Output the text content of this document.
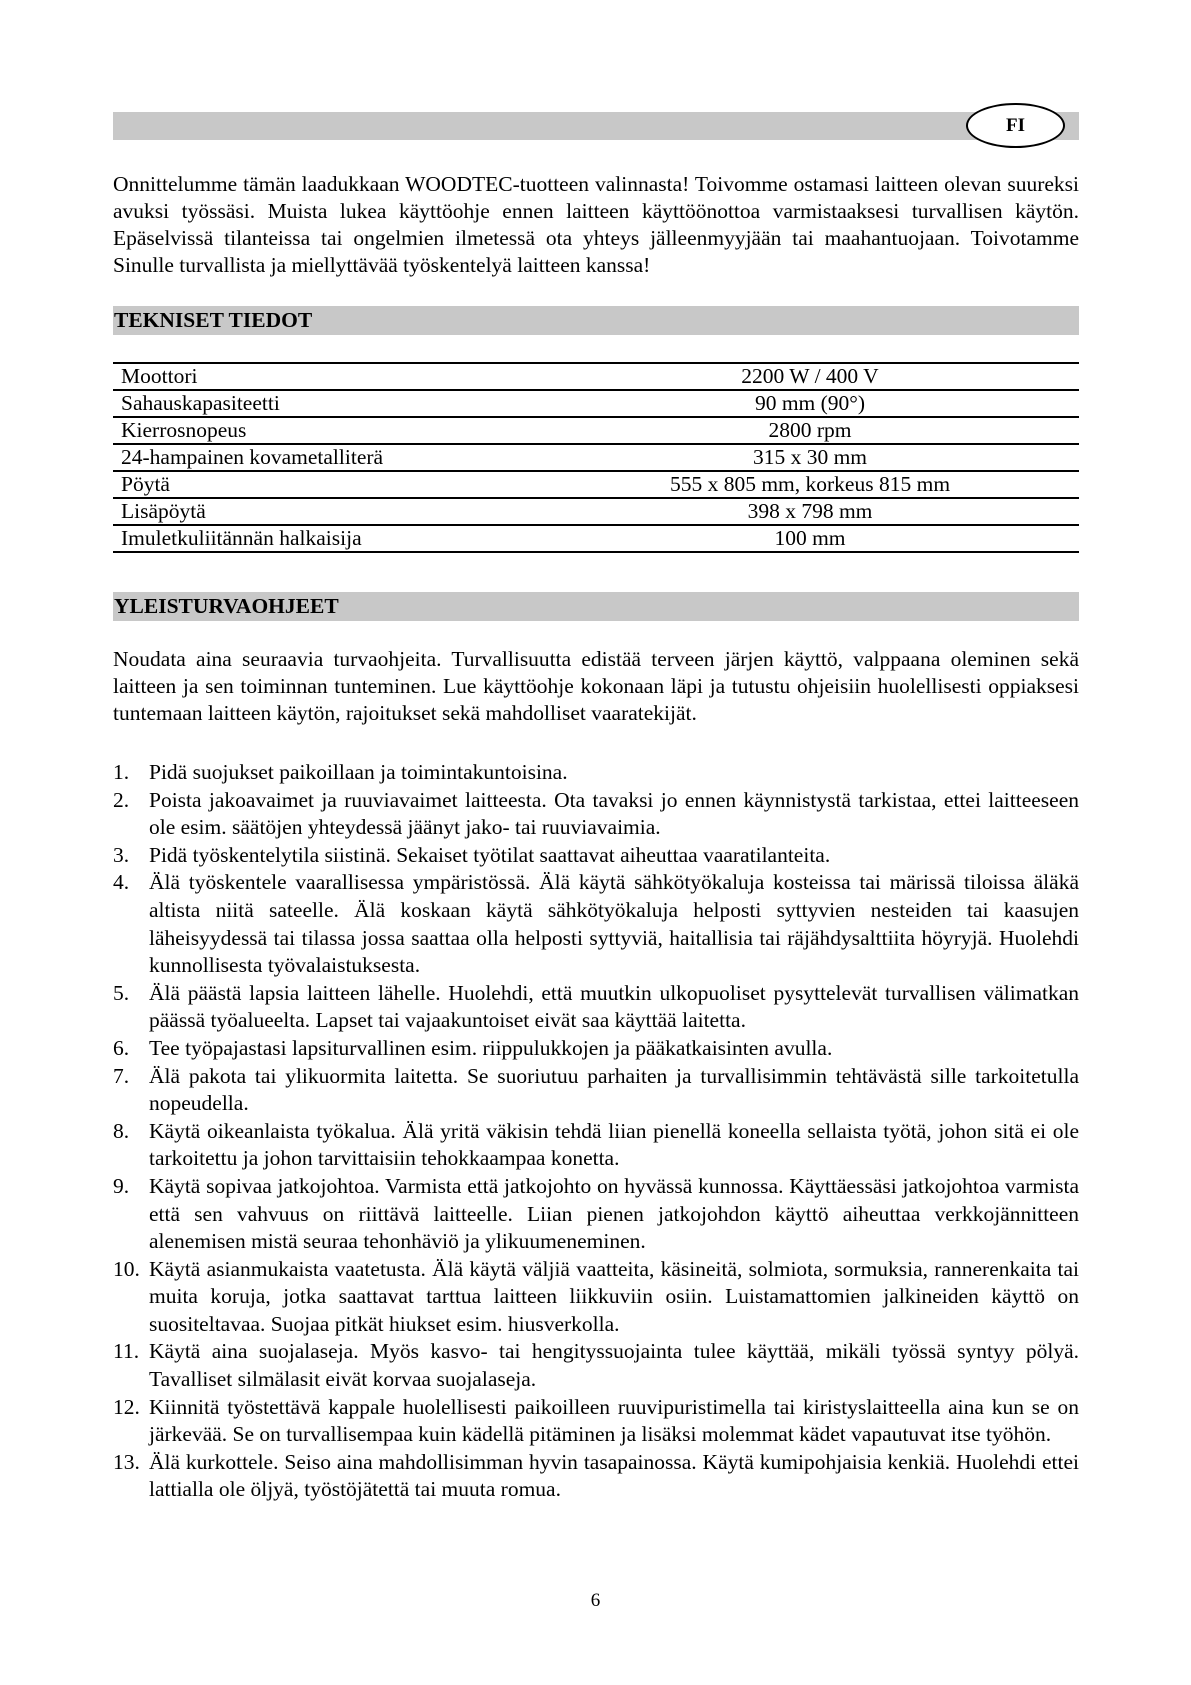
FI

Onnittelumme tämän laadukkaan WOODTEC-tuotteen valinnasta! Toivomme ostamasi laitteen olevan suureksi avuksi työssäsi. Muista lukea käyttöohje ennen laitteen käyttöönottoa varmistaaksesi turvallisen käytön. Epäselvissä tilanteissa tai ongelmien ilmetessä ota yhteys jälleenmyyjään tai maahantuojaan. Toivotamme Sinulle turvallista ja miellyttävää työskentelyä laitteen kanssa!

TEKNISET TIEDOT
Moottori	2200 W / 400 V
Sahauskapasiteetti	90 mm (90°)
Kierrosnopeus	2800 rpm
24-hampainen kovametalliterä	315 x 30 mm
Pöytä	555 x 805 mm, korkeus 815 mm
Lisäpöytä	398 x 798 mm
Imuletkuliitännän halkaisija	100 mm
YLEISTURVAOHJEET

Noudata aina seuraavia turvaohjeita. Turvallisuutta edistää terveen järjen käyttö, valppaana oleminen sekä laitteen ja sen toiminnan tunteminen. Lue käyttöohje kokonaan läpi ja tutustu ohjeisiin huolellisesti oppiaksesi tuntemaan laitteen käytön, rajoitukset sekä mahdolliset vaaratekijät.

1. Pidä suojukset paikoillaan ja toimintakuntoisina.
2. Poista jakoavaimet ja ruuviavaimet laitteesta. Ota tavaksi jo ennen käynnistystä tarkistaa, ettei laitteeseen ole esim. säätöjen yhteydessä jäänyt jako- tai ruuviavaimia.
3. Pidä työskentelytila siistinä. Sekaiset työtilat saattavat aiheuttaa vaaratilanteita.
4. Älä työskentele vaarallisessa ympäristössä. Älä käytä sähkötyökaluja kosteissa tai märissä tiloissa äläkä altista niitä sateelle. Älä koskaan käytä sähkötyökaluja helposti syttyvien nesteiden tai kaasujen läheisyydessä tai tilassa jossa saattaa olla helposti syttyviä, haitallisia tai räjähdysalttiita höyryjä. Huolehdi kunnollisesta työvalaistuksesta.
5. Älä päästä lapsia laitteen lähelle. Huolehdi, että muutkin ulkopuoliset pysyttelevät turvallisen välimatkan päässä työalueelta. Lapset tai vajaakuntoiset eivät saa käyttää laitetta.
6. Tee työpajastasi lapsiturvallinen esim. riippulukkojen ja pääkatkaisinten avulla.
7. Älä pakota tai ylikuormita laitetta. Se suoriutuu parhaiten ja turvallisimmin tehtävästä sille tarkoitetulla nopeudella.
8. Käytä oikeanlaista työkalua. Älä yritä väkisin tehdä liian pienellä koneella sellaista työtä, johon sitä ei ole tarkoitettu ja johon tarvittaisiin tehokkaampaa konetta.
9. Käytä sopivaa jatkojohtoa. Varmista että jatkojohto on hyvässä kunnossa. Käyttäessäsi jatkojohtoa varmista että sen vahvuus on riittävä laitteelle. Liian pienen jatkojohdon käyttö aiheuttaa verkkojännitteen alenemisen mistä seuraa tehonhäviö ja ylikuumeneminen.
10. Käytä asianmukaista vaatetusta. Älä käytä väljiä vaatteita, käsineitä, solmiota, sormuksia, rannerenkaita tai muita koruja, jotka saattavat tarttua laitteen liikkuviin osiin. Luistamattomien jalkineiden käyttö on suositeltavaa. Suojaa pitkät hiukset esim. hiusverkolla.
11. Käytä aina suojalaseja. Myös kasvo- tai hengityssuojainta tulee käyttää, mikäli työssä syntyy pölyä. Tavalliset silmälasit eivät korvaa suojalaseja.
12. Kiinnitä työstettävä kappale huolellisesti paikoilleen ruuvipuristimella tai kiristyslaitteella aina kun se on järkevää. Se on turvallisempaa kuin kädellä pitäminen ja lisäksi molemmat kädet vapautuvat itse työhön.
13. Älä kurkottele. Seiso aina mahdollisimman hyvin tasapainossa. Käytä kumipohjaisia kenkiä. Huolehdi ettei lattialla ole öljyä, työstöjätettä tai muuta romua.
6
